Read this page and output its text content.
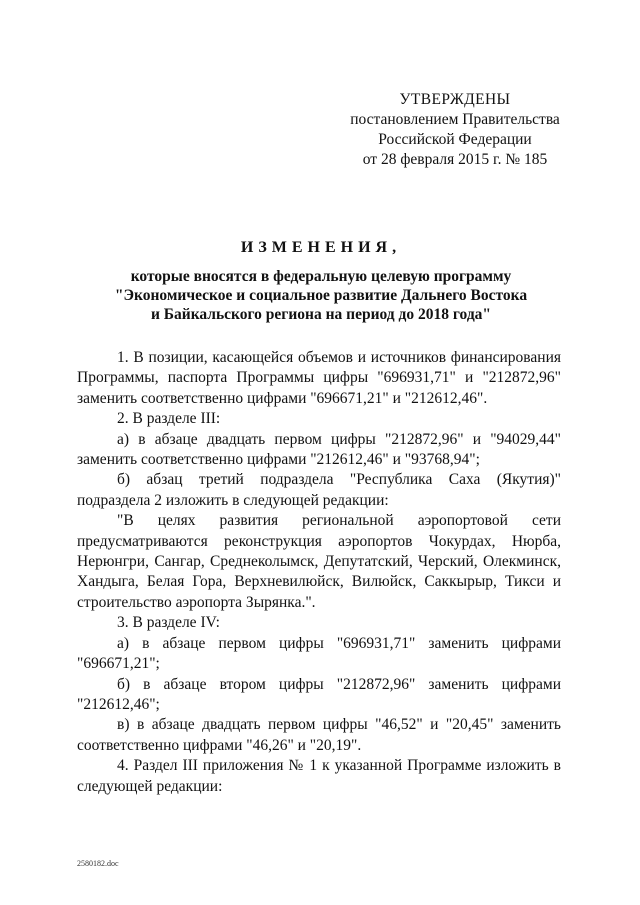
УТВЕРЖДЕНЫ
постановлением Правительства
Российской Федерации
от 28 февраля 2015 г. № 185
ИЗМЕНЕНИЯ,
которые вносятся в федеральную целевую программу
"Экономическое и социальное развитие Дальнего Востока
и Байкальского региона на период до 2018 года"

1. В позиции, касающейся объемов и источников финансирования Программы, паспорта Программы цифры "696931,71" и "212872,96" заменить соответственно цифрами "696671,21" и "212612,46".

2. В разделе III:

а) в абзаце двадцать первом цифры "212872,96" и "94029,44" заменить соответственно цифрами "212612,46" и "93768,94";

б) абзац третий подраздела "Республика Саха (Якутия)" подраздела 2 изложить в следующей редакции:

"В целях развития региональной аэропортовой сети предусматриваются реконструкция аэропортов Чокурдах, Нюрба, Нерюнгри, Сангар, Среднеколымск, Депутатский, Черский, Олекминск, Хандыга, Белая Гора, Верхневилюйск, Вилюйск, Саккырыр, Тикси и строительство аэропорта Зырянка.".

3. В разделе IV:

а) в абзаце первом цифры "696931,71" заменить цифрами "696671,21";

б) в абзаце втором цифры "212872,96" заменить цифрами "212612,46";

в) в абзаце двадцать первом цифры "46,52" и "20,45" заменить соответственно цифрами "46,26" и "20,19".

4. Раздел III приложения № 1 к указанной Программе изложить в следующей редакции:

2580182.doc
